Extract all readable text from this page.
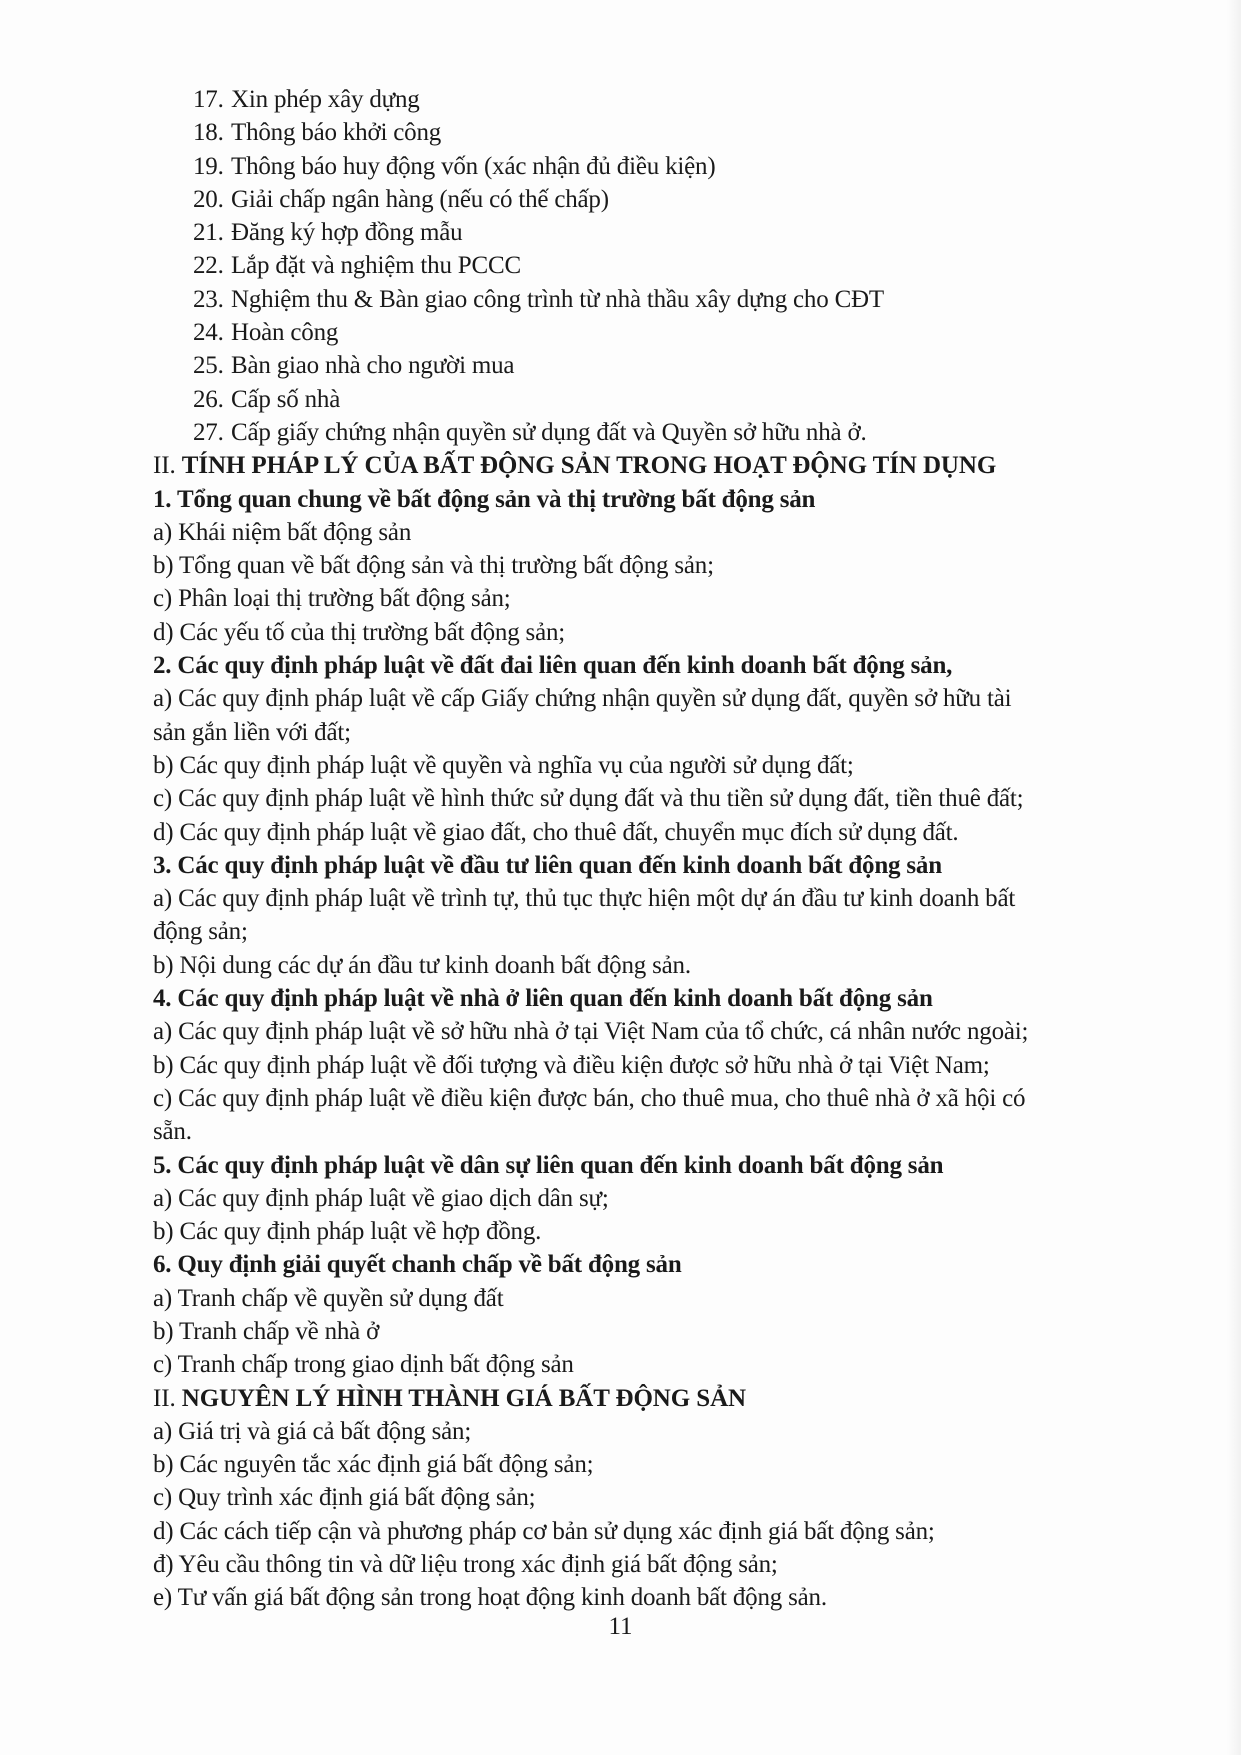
17. Xin phép xây dựng
18. Thông báo khởi công
19. Thông báo huy động vốn (xác nhận đủ điều kiện)
20. Giải chấp ngân hàng (nếu có thế chấp)
21. Đăng ký hợp đồng mẫu
22. Lắp đặt và nghiệm thu PCCC
23. Nghiệm thu & Bàn giao công trình từ nhà thầu xây dựng cho CĐT
24. Hoàn công
25. Bàn giao nhà cho người mua
26. Cấp số nhà
27. Cấp giấy chứng nhận quyền sử dụng đất và Quyền sở hữu nhà ở.
II. TÍNH PHÁP LÝ CỦA BẤT ĐỘNG SẢN TRONG HOẠT ĐỘNG TÍN DỤNG
1. Tổng quan chung về bất động sản và thị trường bất động sản
a) Khái niệm bất động sản
b) Tổng quan về bất động sản và thị trường bất động sản;
c) Phân loại thị trường bất động sản;
d) Các yếu tố của thị trường bất động sản;
2. Các quy định pháp luật về đất đai liên quan đến kinh doanh bất động sản,
a) Các quy định pháp luật về cấp Giấy chứng nhận quyền sử dụng đất, quyền sở hữu tài
sản gắn liền với đất;
b) Các quy định pháp luật về quyền và nghĩa vụ của người sử dụng đất;
c) Các quy định pháp luật về hình thức sử dụng đất và thu tiền sử dụng đất, tiền thuê đất;
d) Các quy định pháp luật về giao đất, cho thuê đất, chuyển mục đích sử dụng đất.
3. Các quy định pháp luật về đầu tư liên quan đến kinh doanh bất động sản
a) Các quy định pháp luật về trình tự, thủ tục thực hiện một dự án đầu tư kinh doanh bất
động sản;
b) Nội dung các dự án đầu tư kinh doanh bất động sản.
4. Các quy định pháp luật về nhà ở liên quan đến kinh doanh bất động sản
a) Các quy định pháp luật về sở hữu nhà ở tại Việt Nam của tổ chức, cá nhân nước ngoài;
b) Các quy định pháp luật về đối tượng và điều kiện được sở hữu nhà ở tại Việt Nam;
c) Các quy định pháp luật về điều kiện được bán, cho thuê mua, cho thuê nhà ở xã hội có
sẵn.
5. Các quy định pháp luật về dân sự liên quan đến kinh doanh bất động sản
a) Các quy định pháp luật về giao dịch dân sự;
b) Các quy định pháp luật về hợp đồng.
6. Quy định giải quyết chanh chấp về bất động sản
a) Tranh chấp về quyền sử dụng đất
b) Tranh chấp về nhà ở
c) Tranh chấp trong giao dịnh bất động sản
II. NGUYÊN LÝ HÌNH THÀNH GIÁ BẤT ĐỘNG SẢN
a) Giá trị và giá cả bất động sản;
b) Các nguyên tắc xác định giá bất động sản;
c) Quy trình xác định giá bất động sản;
d) Các cách tiếp cận và phương pháp cơ bản sử dụng xác định giá bất động sản;
đ) Yêu cầu thông tin và dữ liệu trong xác định giá bất động sản;
e) Tư vấn giá bất động sản trong hoạt động kinh doanh bất động sản.
11
